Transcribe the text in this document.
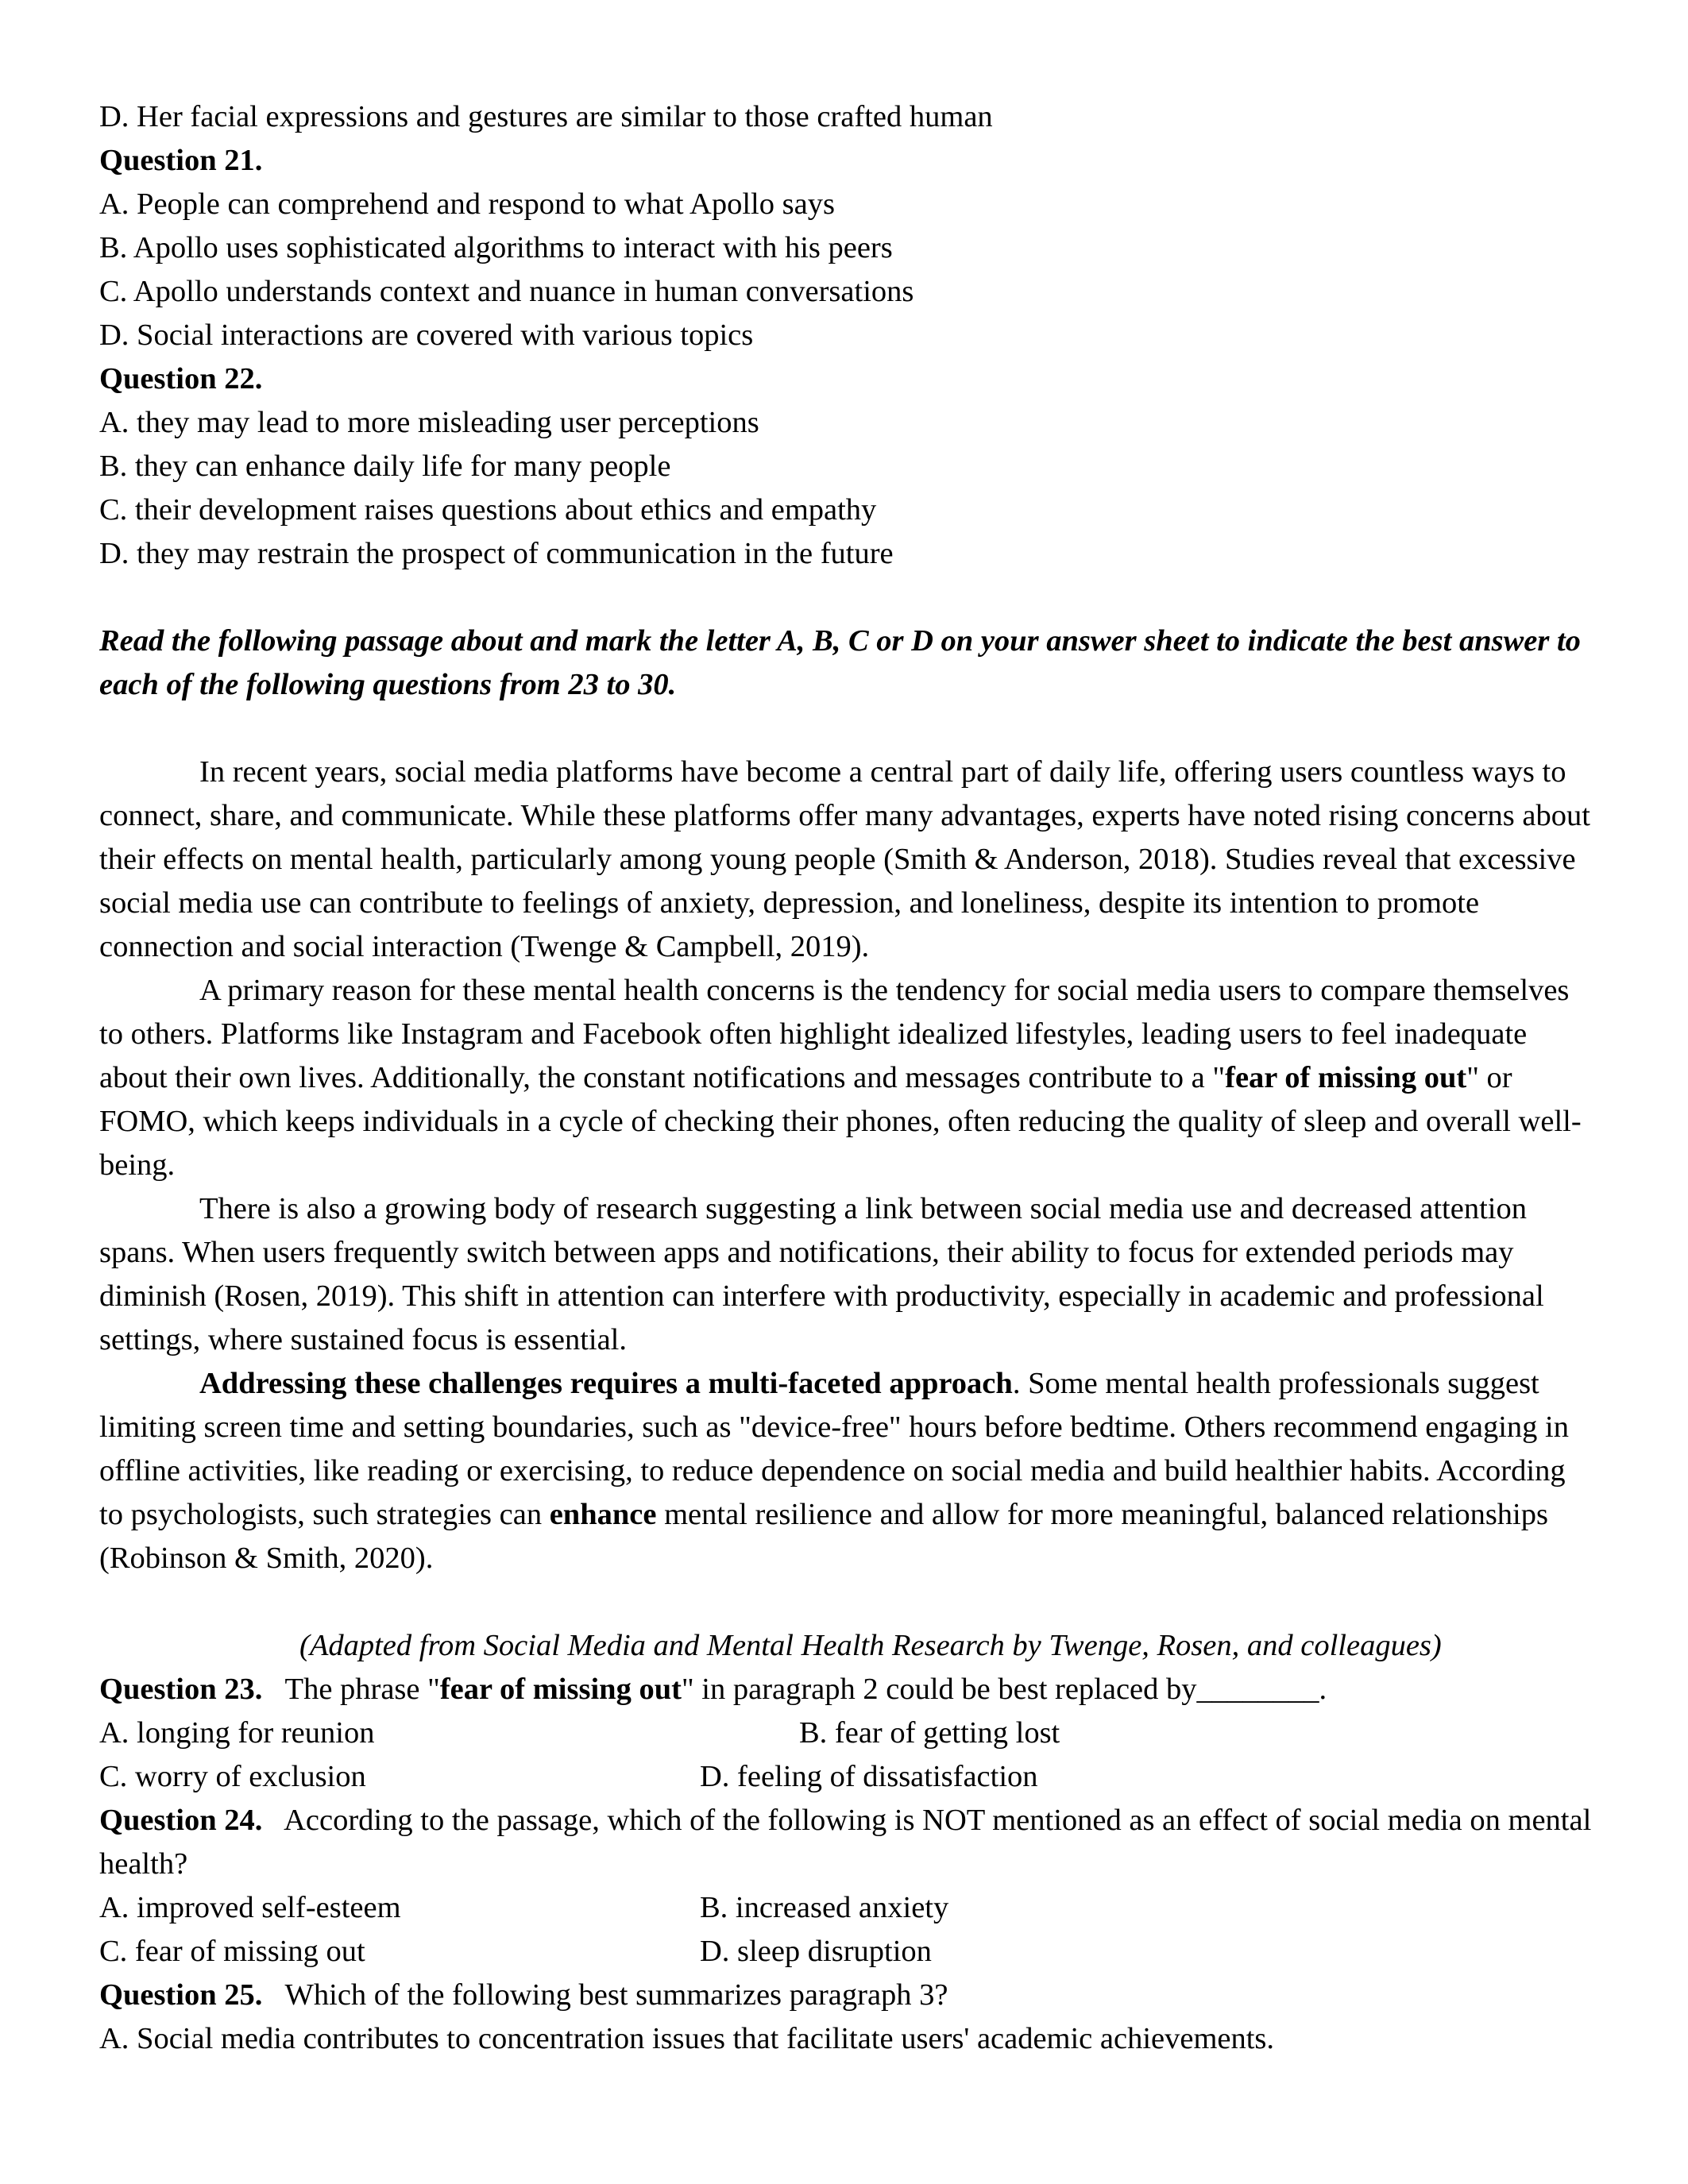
D. Her facial expressions and gestures are similar to those crafted human
Question 21.
A. People can comprehend and respond to what Apollo says
B. Apollo uses sophisticated algorithms to interact with his peers
C. Apollo understands context and nuance in human conversations
D. Social interactions are covered with various topics
Question 22.
A. they may lead to more misleading user perceptions
B. they can enhance daily life for many people
C. their development raises questions about ethics and empathy
D. they may restrain the prospect of communication in the future
Read the following passage about and mark the letter A, B, C or D on your answer sheet to indicate the best answer to each of the following questions from 23 to 30.
In recent years, social media platforms have become a central part of daily life, offering users countless ways to connect, share, and communicate. While these platforms offer many advantages, experts have noted rising concerns about their effects on mental health, particularly among young people (Smith & Anderson, 2018). Studies reveal that excessive social media use can contribute to feelings of anxiety, depression, and loneliness, despite its intention to promote connection and social interaction (Twenge & Campbell, 2019).
A primary reason for these mental health concerns is the tendency for social media users to compare themselves to others. Platforms like Instagram and Facebook often highlight idealized lifestyles, leading users to feel inadequate about their own lives. Additionally, the constant notifications and messages contribute to a "fear of missing out" or FOMO, which keeps individuals in a cycle of checking their phones, often reducing the quality of sleep and overall well-being.
There is also a growing body of research suggesting a link between social media use and decreased attention spans. When users frequently switch between apps and notifications, their ability to focus for extended periods may diminish (Rosen, 2019). This shift in attention can interfere with productivity, especially in academic and professional settings, where sustained focus is essential.
Addressing these challenges requires a multi-faceted approach. Some mental health professionals suggest limiting screen time and setting boundaries, such as "device-free" hours before bedtime. Others recommend engaging in offline activities, like reading or exercising, to reduce dependence on social media and build healthier habits. According to psychologists, such strategies can enhance mental resilience and allow for more meaningful, balanced relationships (Robinson & Smith, 2020).
(Adapted from Social Media and Mental Health Research by Twenge, Rosen, and colleagues)
Question 23. The phrase "fear of missing out" in paragraph 2 could be best replaced by________.
A. longing for reunion	B. fear of getting lost
C. worry of exclusion	D. feeling of dissatisfaction
Question 24. According to the passage, which of the following is NOT mentioned as an effect of social media on mental health?
A. improved self-esteem	B. increased anxiety
C. fear of missing out	D. sleep disruption
Question 25. Which of the following best summarizes paragraph 3?
A. Social media contributes to concentration issues that facilitate users' academic achievements.
